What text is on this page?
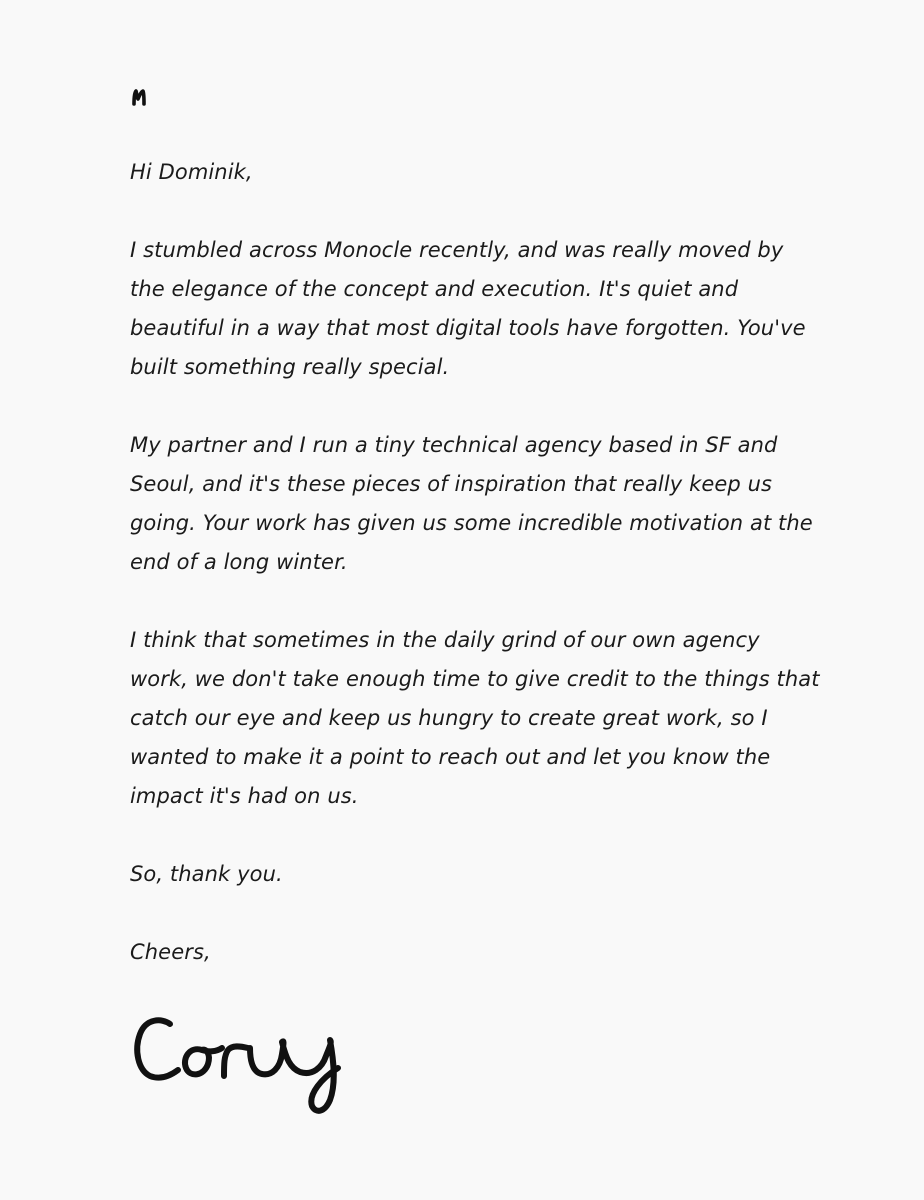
Hi Dominik,

I stumbled across Monocle recently, and was really moved by the elegance of the concept and execution. It's quiet and beautiful in a way that most digital tools have forgotten. You've built something really special.

My partner and I run a tiny technical agency based in SF and Seoul, and it's these pieces of inspiration that really keep us going. Your work has given us some incredible motivation at the end of a long winter.

I think that sometimes in the daily grind of our own agency work, we don't take enough time to give credit to the things that catch our eye and keep us hungry to create great work, so I wanted to make it a point to reach out and let you know the impact it's had on us.

So, thank you.

Cheers,
